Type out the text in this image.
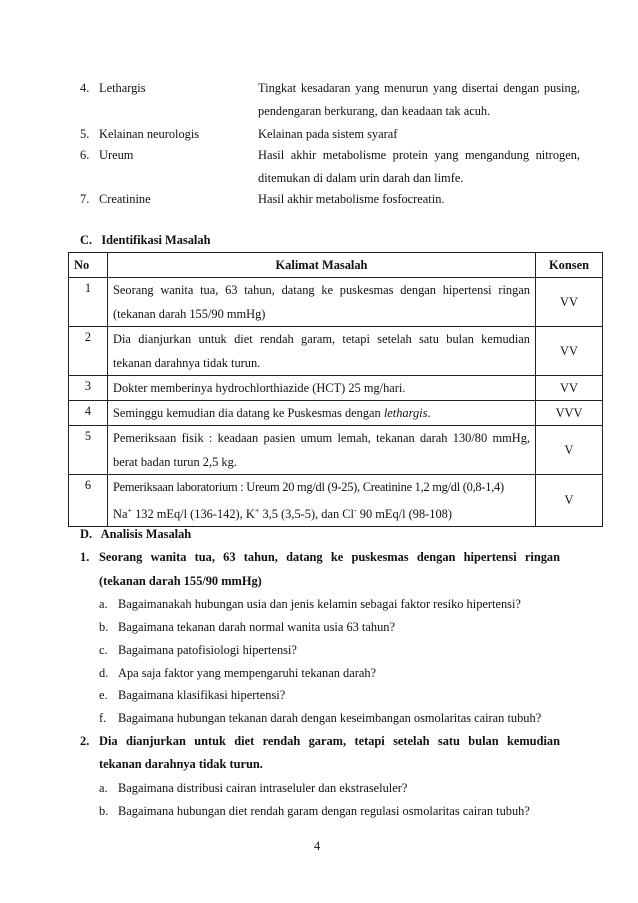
4. Lethargis	Tingkat kesadaran yang menurun yang disertai dengan pusing,
pendengaran berkurang, dan keadaan tak acuh.
5. Kelainan neurologis	Kelainan pada sistem syaraf
6. Ureum	Hasil akhir metabolisme protein yang mengandung nitrogen,
ditemukan di dalam urin darah dan limfe.
7. Creatinine	Hasil akhir metabolisme fosfocreatin.
C.   Identifikasi Masalah
No	Kalimat Masalah	Konsen
1	Seorang wanita tua, 63 tahun, datang ke puskesmas dengan hipertensi ringan
(tekanan darah 155/90 mmHg)	VV
2	Dia dianjurkan untuk diet rendah garam, tetapi setelah satu bulan kemudian
tekanan darahnya tidak turun.	VV
3	Dokter memberinya hydrochlorthiazide (HCT) 25 mg/hari.	VV
4	Seminggu kemudian dia datang ke Puskesmas dengan lethargis.	VVV
5	Pemeriksaan fisik : keadaan pasien umum lemah, tekanan darah 130/80 mmHg,
berat badan turun 2,5 kg.	V
6	Pemeriksaan laboratorium : Ureum 20 mg/dl (9-25), Creatinine 1,2 mg/dl (0,8-1,4)
Na+ 132 mEq/l (136-142), K+ 3,5 (3,5-5), dan Cl- 90 mEq/l (98-108)	V
D.   Analisis Masalah
1. Seorang wanita tua, 63 tahun, datang ke puskesmas dengan hipertensi ringan
(tekanan darah 155/90 mmHg)
a. Bagaimanakah hubungan usia dan jenis kelamin sebagai faktor resiko hipertensi?
b. Bagaimana tekanan darah normal wanita usia 63 tahun?
c. Bagaimana patofisiologi hipertensi?
d. Apa saja faktor yang mempengaruhi tekanan darah?
e. Bagaimana klasifikasi hipertensi?
f. Bagaimana hubungan tekanan darah dengan keseimbangan osmolaritas cairan tubuh?
2. Dia dianjurkan untuk diet rendah garam, tetapi setelah satu bulan kemudian
tekanan darahnya tidak turun.
a. Bagaimana distribusi cairan intraseluler dan ekstraseluler?
b. Bagaimana hubungan diet rendah garam dengan regulasi osmolaritas cairan tubuh?
4
